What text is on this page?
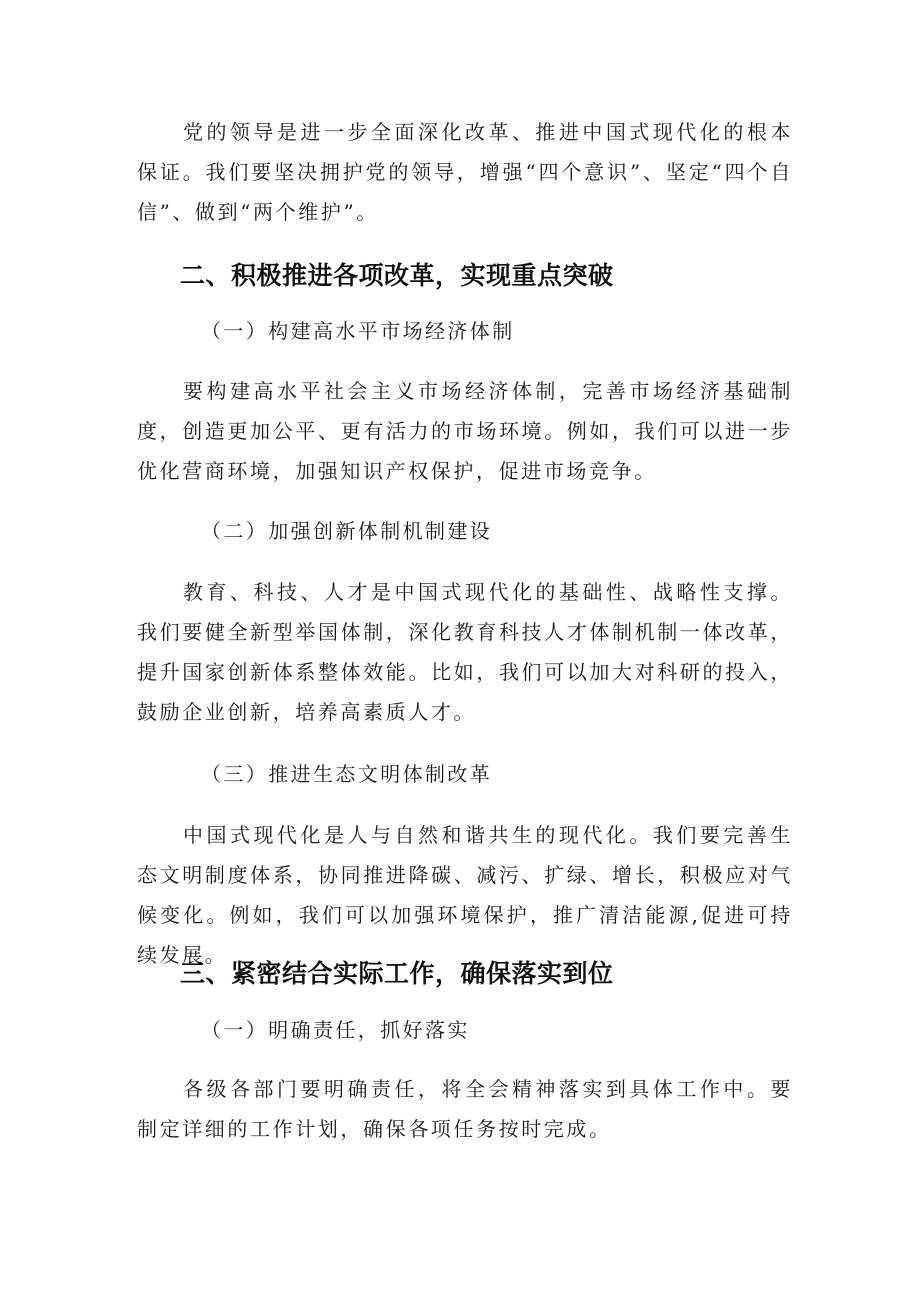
党的领导是进一步全面深化改革、推进中国式现代化的根本保证。我们要坚决拥护党的领导，增强“四个意识”、坚定“四个自信”、做到“两个维护”。

二、积极推进各项改革，实现重点突破

（一）构建高水平市场经济体制

要构建高水平社会主义市场经济体制，完善市场经济基础制度，创造更加公平、更有活力的市场环境。例如，我们可以进一步优化营商环境，加强知识产权保护，促进市场竞争。

（二）加强创新体制机制建设

教育、科技、人才是中国式现代化的基础性、战略性支撑。我们要健全新型举国体制，深化教育科技人才体制机制一体改革，提升国家创新体系整体效能。比如，我们可以加大对科研的投入，鼓励企业创新，培养高素质人才。

（三）推进生态文明体制改革

中国式现代化是人与自然和谐共生的现代化。我们要完善生态文明制度体系，协同推进降碳、减污、扩绿、增长，积极应对气候变化。例如，我们可以加强环境保护，推广清洁能源,促进可持续发展。

三、紧密结合实际工作，确保落实到位

（一）明确责任，抓好落实

各级各部门要明确责任，将全会精神落实到具体工作中。要制定详细的工作计划，确保各项任务按时完成。
